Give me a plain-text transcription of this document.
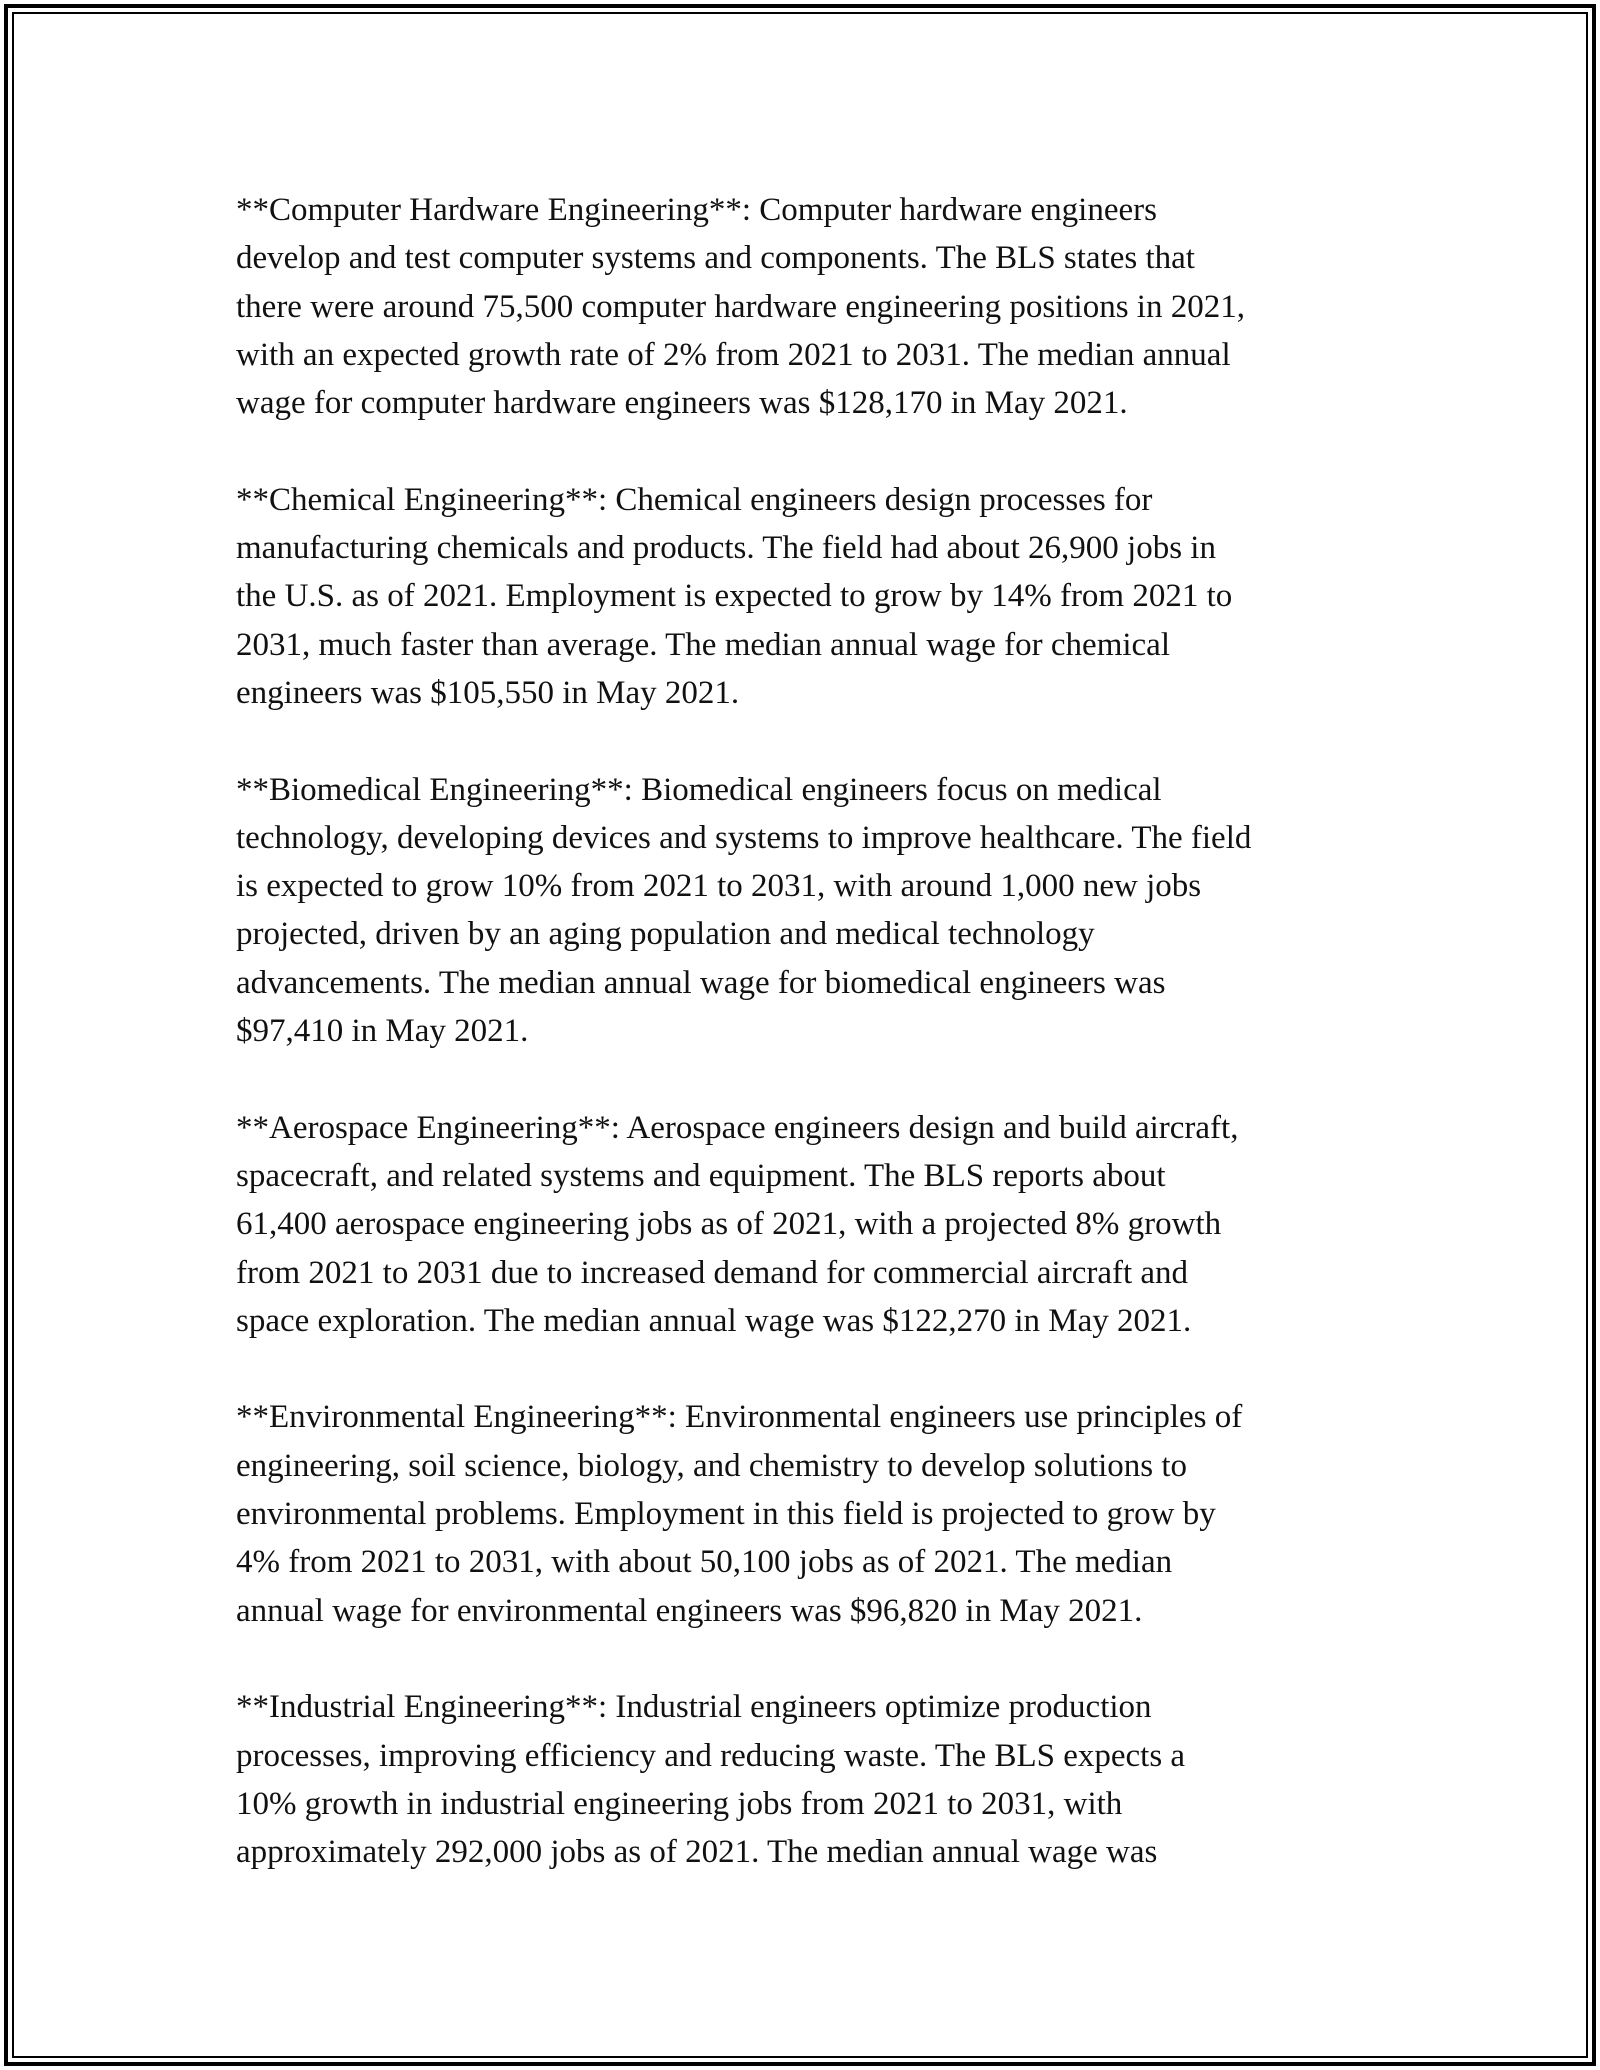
**Computer Hardware Engineering**: Computer hardware engineers
develop and test computer systems and components. The BLS states that
there were around 75,500 computer hardware engineering positions in 2021,
with an expected growth rate of 2% from 2021 to 2031. The median annual
wage for computer hardware engineers was $128,170 in May 2021.

**Chemical Engineering**: Chemical engineers design processes for
manufacturing chemicals and products. The field had about 26,900 jobs in
the U.S. as of 2021. Employment is expected to grow by 14% from 2021 to
2031, much faster than average. The median annual wage for chemical
engineers was $105,550 in May 2021.

**Biomedical Engineering**: Biomedical engineers focus on medical
technology, developing devices and systems to improve healthcare. The field
is expected to grow 10% from 2021 to 2031, with around 1,000 new jobs
projected, driven by an aging population and medical technology
advancements. The median annual wage for biomedical engineers was
$97,410 in May 2021.

**Aerospace Engineering**: Aerospace engineers design and build aircraft,
spacecraft, and related systems and equipment. The BLS reports about
61,400 aerospace engineering jobs as of 2021, with a projected 8% growth
from 2021 to 2031 due to increased demand for commercial aircraft and
space exploration. The median annual wage was $122,270 in May 2021.

**Environmental Engineering**: Environmental engineers use principles of
engineering, soil science, biology, and chemistry to develop solutions to
environmental problems. Employment in this field is projected to grow by
4% from 2021 to 2031, with about 50,100 jobs as of 2021. The median
annual wage for environmental engineers was $96,820 in May 2021.

**Industrial Engineering**: Industrial engineers optimize production
processes, improving efficiency and reducing waste. The BLS expects a
10% growth in industrial engineering jobs from 2021 to 2031, with
approximately 292,000 jobs as of 2021. The median annual wage was
